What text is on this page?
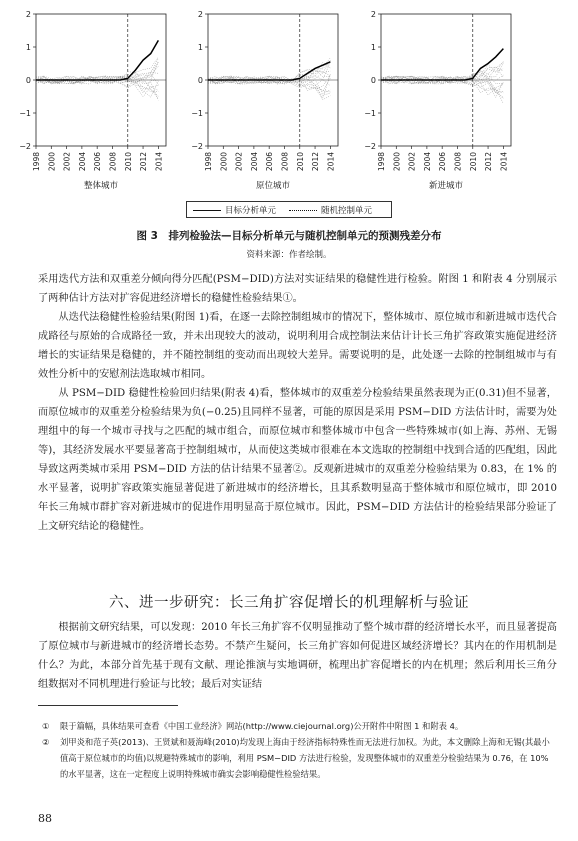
−2
−1
0
1
2
1998 2000 2002 2004 2006 2008 2010 2012 2014
整体城市
−2
−1
0
1
2
1998 2000 2002 2004 2006 2008 2010 2012 2014
原位城市
−2
−1
0
1
2
1998 2000 2002 2004 2006 2008 2010 2012 2014
新进城市
目标分析单元	随机控制单元
图 3　排列检验法—目标分析单元与随机控制单元的预测残差分布
资料来源：作者绘制。

采用迭代方法和双重差分倾向得分匹配(PSM−DID)方法对实证结果的稳健性进行检验。附图 1 和附表 4 分别展示了两种估计方法对扩容促进经济增长的稳健性检验结果①。

从迭代法稳健性检验结果(附图 1)看，在逐一去除控制组城市的情况下，整体城市、原位城市和新进城市迭代合成路径与原始的合成路径一致，并未出现较大的波动，说明利用合成控制法来估计计长三角扩容政策实施促进经济增长的实证结果是稳健的，并不随控制组的变动而出现较大差异。需要说明的是，此处逐一去除的控制组城市与有效性分析中的安慰剂法选取城市相同。

从 PSM−DID 稳健性检验回归结果(附表 4)看，整体城市的双重差分检验结果虽然表现为正(0.31)但不显著，而原位城市的双重差分检验结果为负(−0.25)且同样不显著，可能的原因是采用 PSM−DID 方法估计时，需要为处理组中的每一个城市寻找与之匹配的城市组合，而原位城市和整体城市中包含一些特殊城市(如上海、苏州、无锡等)，其经济发展水平要显著高于控制组城市，从而使这类城市很难在本文选取的控制组中找到合适的匹配组，因此导致这两类城市采用 PSM−DID 方法的估计结果不显著②。反观新进城市的双重差分检验结果为 0.83，在 1% 的水平显著，说明扩容政策实施显著促进了新进城市的经济增长，且其系数明显高于整体城市和原位城市，即 2010 年长三角城市群扩容对新进城市的促进作用明显高于原位城市。因此，PSM−DID 方法估计的检验结果部分验证了上文研究结论的稳健性。

六、进一步研究：长三角扩容促增长的机理解析与验证

根据前文研究结果，可以发现：2010 年长三角扩容不仅明显推动了整个城市群的经济增长水平，而且显著提高了原位城市与新进城市的经济增长态势。不禁产生疑问，长三角扩容如何促进区域经济增长？其内在的作用机制是什么？为此，本部分首先基于现有文献、理论推演与实地调研，梳理出扩容促增长的内在机理；然后利用长三角分组数据对不同机理进行验证与比较；最后对实证结

① 限于篇幅，具体结果可查看《中国工业经济》网站(http://www.ciejournal.org)公开附件中附图 1 和附表 4。
② 刘甲炎和范子英(2013)、王贤斌和聂海峰(2010)均发现上海由于经济指标特殊性而无法进行加权。为此，本文删除上海和无锡(其最小值高于原位城市的均值)以规避特殊城市的影响，利用 PSM−DID 方法进行检验，发现整体城市的双重差分检验结果为 0.76，在 10% 的水平显著，这在一定程度上说明特殊城市确实会影响稳健性检验结果。
88
